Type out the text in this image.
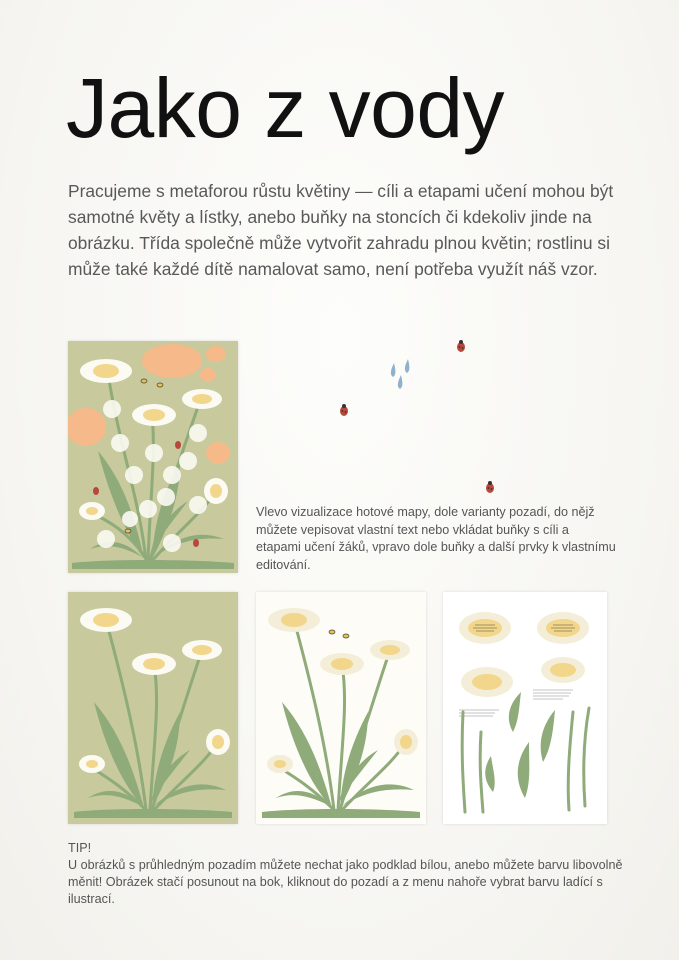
Jako z vody

Pracujeme s metaforou růstu květiny — cíli a etapami učení mohou být samotné květy a lístky, anebo buňky na stoncích či kdekoliv jinde na obrázku. Třída společně může vytvořit zahradu plnou květin; rostlinu si může také každé dítě namalovat samo, není potřeba využít náš vzor.

Vlevo vizualizace hotové mapy, dole varianty pozadí, do nějž můžete vepisovat vlastní text nebo vkládat buňky s cíli a etapami učení žáků, vpravo dole buňky a další prvky k vlastnímu editování.

TIP!

U obrázků s průhledným pozadím můžete nechat jako podklad bílou, anebo můžete barvu libovolně měnit! Obrázek stačí posunout na bok, kliknout do pozadí a z menu nahoře vybrat barvu ladící s ilustrací.
